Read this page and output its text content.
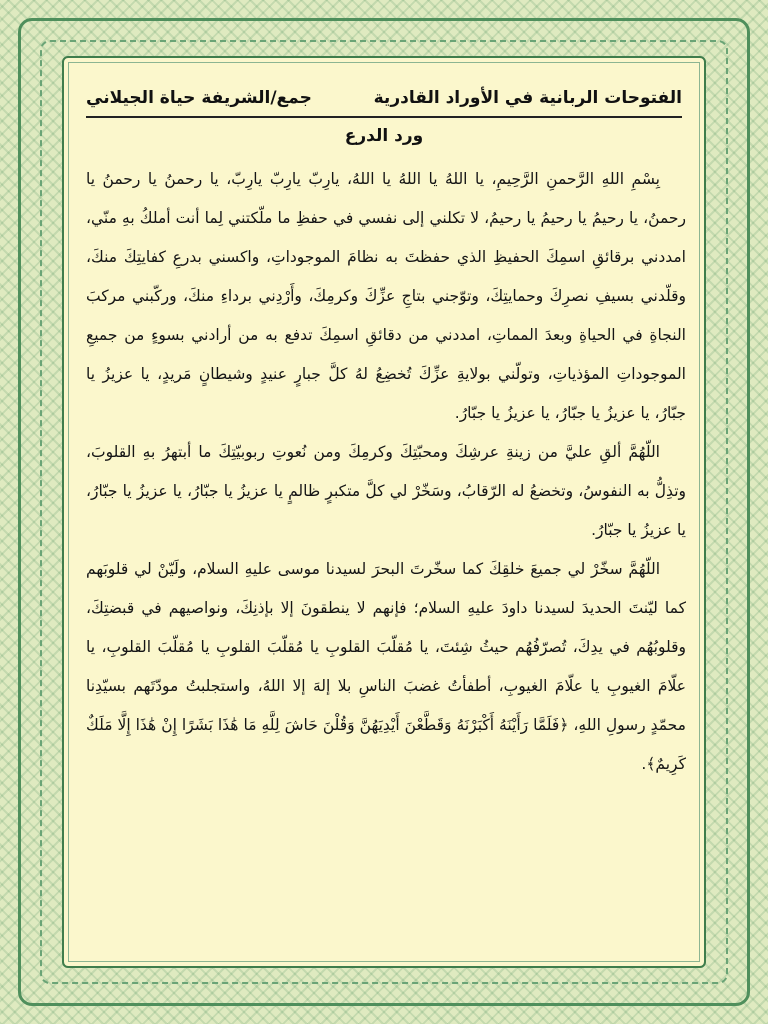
الفتوحات الربانية في الأوراد القادرية
جمع/الشريفة حياة الجيلاني
ورد الدرع

بِسْمِ اللهِ الرَّحمنِ الرَّحِيمِ، يا اللهُ يا اللهُ يا اللهُ، يارِبّ يارِبّ يارِبّ، يا رحمنُ يا رحمنُ يا رحمنُ، يا رحيمُ يا رحيمُ يا رحيمُ، لا تكلني إلى نفسي في حفظِ ما ملّكتني لِما أنت أملكُ بهِ منّي، امددني برقائقِ اسمِكَ الحفيظِ الذي حفظتَ به نظامَ الموجوداتِ، واكسني بدرعِ كفايتِكَ منكَ، وقلّدني بسيفِ نصرِكَ وحمايتِكَ، وتوّجني بتاجِ عزِّكَ وكرمِكَ، وأَرْدِني برداءِ منكَ، وركّبني مركبَ النجاةِ في الحياةِ وبعدَ المماتِ، امددني من دقائقِ اسمِكَ تدفع به من أرادني بسوءٍ من جميعِ الموجوداتِ المؤذياتِ، وتولّني بولايةِ عزِّكَ تُخضِعُ لهُ كلَّ جبارٍ عنيدٍ وشيطانٍ مَريدٍ، يا عزيزُ يا جبّارُ، يا عزيزُ يا جبّارُ، يا عزيزُ يا جبّارُ.

اللّهُمَّ ألقِ عليَّ من زينةِ عرشِكَ ومحبّتِكَ وكرمِكَ ومن نُعوتِ ربوبيّتِكَ ما أبتهرُ بهِ القلوبَ، وتذِلُّ به النفوسُ، وتخضعُ له الرّقابُ، وسَخّرْ لي كلَّ متكبرٍ ظالمٍ يا عزيزُ يا جبّارُ، يا عزيزُ يا جبّارُ، يا عزيزُ يا جبّارُ.

اللّهُمَّ سخّرْ لي جميعَ خلقِكَ كما سخّرتَ البحرَ لسيدنا موسى عليهِ السلام، ولَيّنْ لي قلوبَهم كما ليّنتَ الحديدَ لسيدنا داودَ عليهِ السلام؛ فإنهم لا ينطقونَ إلا بإذنِكَ، ونواصيهم في قبضتِكَ، وقلوبُهُم في يدِكَ، تُصرّفُهُم حيثُ شِئتَ، يا مُقلّبَ القلوبِ يا مُقلّبَ القلوبِ يا مُقلّبَ القلوبِ، يا علّامَ الغيوبِ يا علّامَ الغيوبِ، أطفأتُ غضبَ الناسِ بلا إلهَ إلا اللهُ، واستجلبتُ مودّتَهم بسيّدِنا محمّدٍ رسولِ اللهِ، ﴿فَلَمَّا رَأَيْنَهُ أَكْبَرْنَهُ وَقَطَّعْنَ أَيْدِيَهُنَّ وَقُلْنَ حَاشَ لِلَّهِ مَا هَٰذَا بَشَرًا إِنْ هَٰذَا إِلَّا مَلَكٌ كَرِيمٌ﴾.
